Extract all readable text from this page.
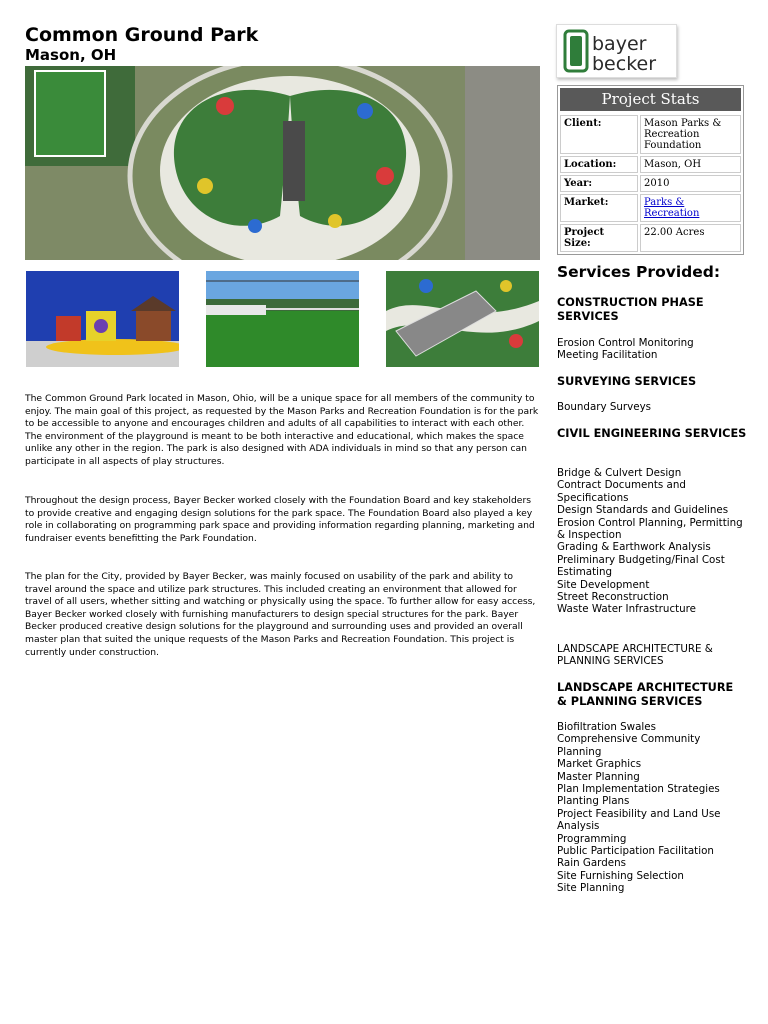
Common Ground Park
Mason, OH

The Common Ground Park located in Mason, Ohio, will be a unique space for all members of the community to enjoy. The main goal of this project, as requested by the Mason Parks and Recreation Foundation is for the park to be accessible to anyone and encourages children and adults of all capabilities to interact with each other. The environment of the playground is meant to be both interactive and educational, which makes the space unlike any other in the region. The park is also designed with ADA individuals in mind so that any person can participate in all aspects of play structures.

Throughout the design process, Bayer Becker worked closely with the Foundation Board and key stakeholders to provide creative and engaging design solutions for the park space. The Foundation Board also played a key role in collaborating on programming park space and providing information regarding planning, marketing and fundraiser events benefitting the Park Foundation.

The plan for the City, provided by Bayer Becker, was mainly focused on usability of the park and ability to travel around the space and utilize park structures. This included creating an environment that allowed for travel of all users, whether sitting and watching or physically using the space. To further allow for easy access, Bayer Becker worked closely with furnishing manufacturers to design special structures for the park. Bayer Becker produced creative design solutions for the playground and surrounding uses and provided an overall master plan that suited the unique requests of the Mason Parks and Recreation Foundation. This project is currently under construction.

bayer
becker
Project Stats
Client:	Mason Parks & Recreation Foundation
Location:	Mason, OH
Year:	2010
Market:	Parks & Recreation
Project Size:	22.00 Acres
Services Provided:
CONSTRUCTION PHASE SERVICES
Erosion Control Monitoring
Meeting Facilitation
SURVEYING SERVICES
Boundary Surveys
CIVIL ENGINEERING SERVICES
Bridge & Culvert Design
Contract Documents and Specifications
Design Standards and Guidelines
Erosion Control Planning, Permitting & Inspection
Grading & Earthwork Analysis
Preliminary Budgeting/Final Cost Estimating
Site Development
Street Reconstruction
Waste Water Infrastructure
LANDSCAPE ARCHITECTURE & PLANNING SERVICES
LANDSCAPE ARCHITECTURE & PLANNING SERVICES
Biofiltration Swales
Comprehensive Community Planning
Market Graphics
Master Planning
Plan Implementation Strategies
Planting Plans
Project Feasibility and Land Use Analysis
Programming
Public Participation Facilitation
Rain Gardens
Site Furnishing Selection
Site Planning
